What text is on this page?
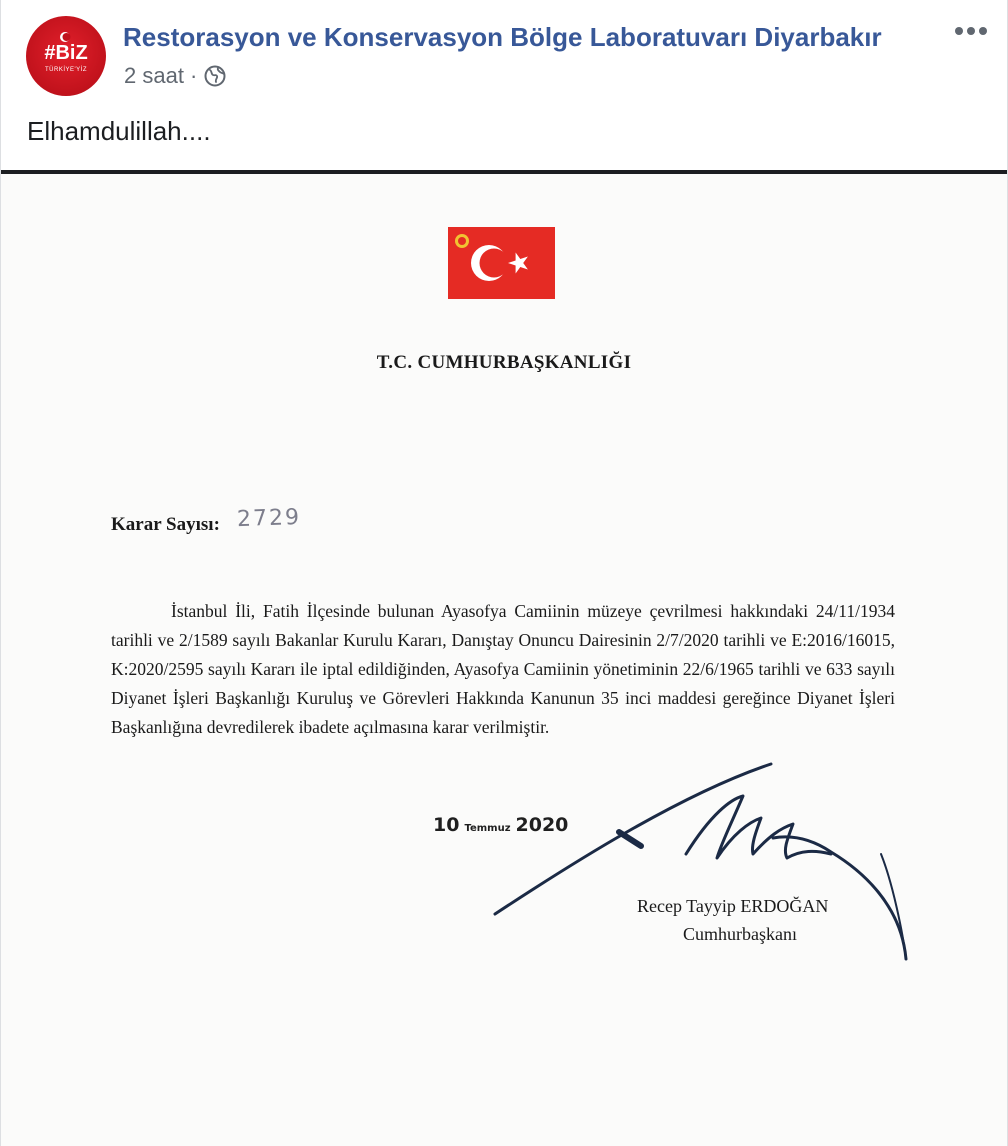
#BiZ
TÜRKİYE'YİZ
Restorasyon ve Konservasyon Bölge Laboratuvarı Diyarbakır
2 saat ·
Elhamdulillah....
T.C. CUMHURBAŞKANLIĞI
Karar Sayısı: 2729
İstanbul İli, Fatih İlçesinde bulunan Ayasofya Camiinin müzeye çevrilmesi hakkındaki 24/11/1934 tarihli ve 2/1589 sayılı Bakanlar Kurulu Kararı, Danıştay Onuncu Dairesinin 2/7/2020 tarihli ve E:2016/16015, K:2020/2595 sayılı Kararı ile iptal edildiğinden, Ayasofya Camiinin yönetiminin 22/6/1965 tarihli ve 633 sayılı Diyanet İşleri Başkanlığı Kuruluş ve Görevleri Hakkında Kanunun 35 inci maddesi gereğince Diyanet İşleri Başkanlığına devredilerek ibadete açılmasına karar verilmiştir.
10 Temmuz 2020
Recep Tayyip ERDOĞAN
Cumhurbaşkanı
